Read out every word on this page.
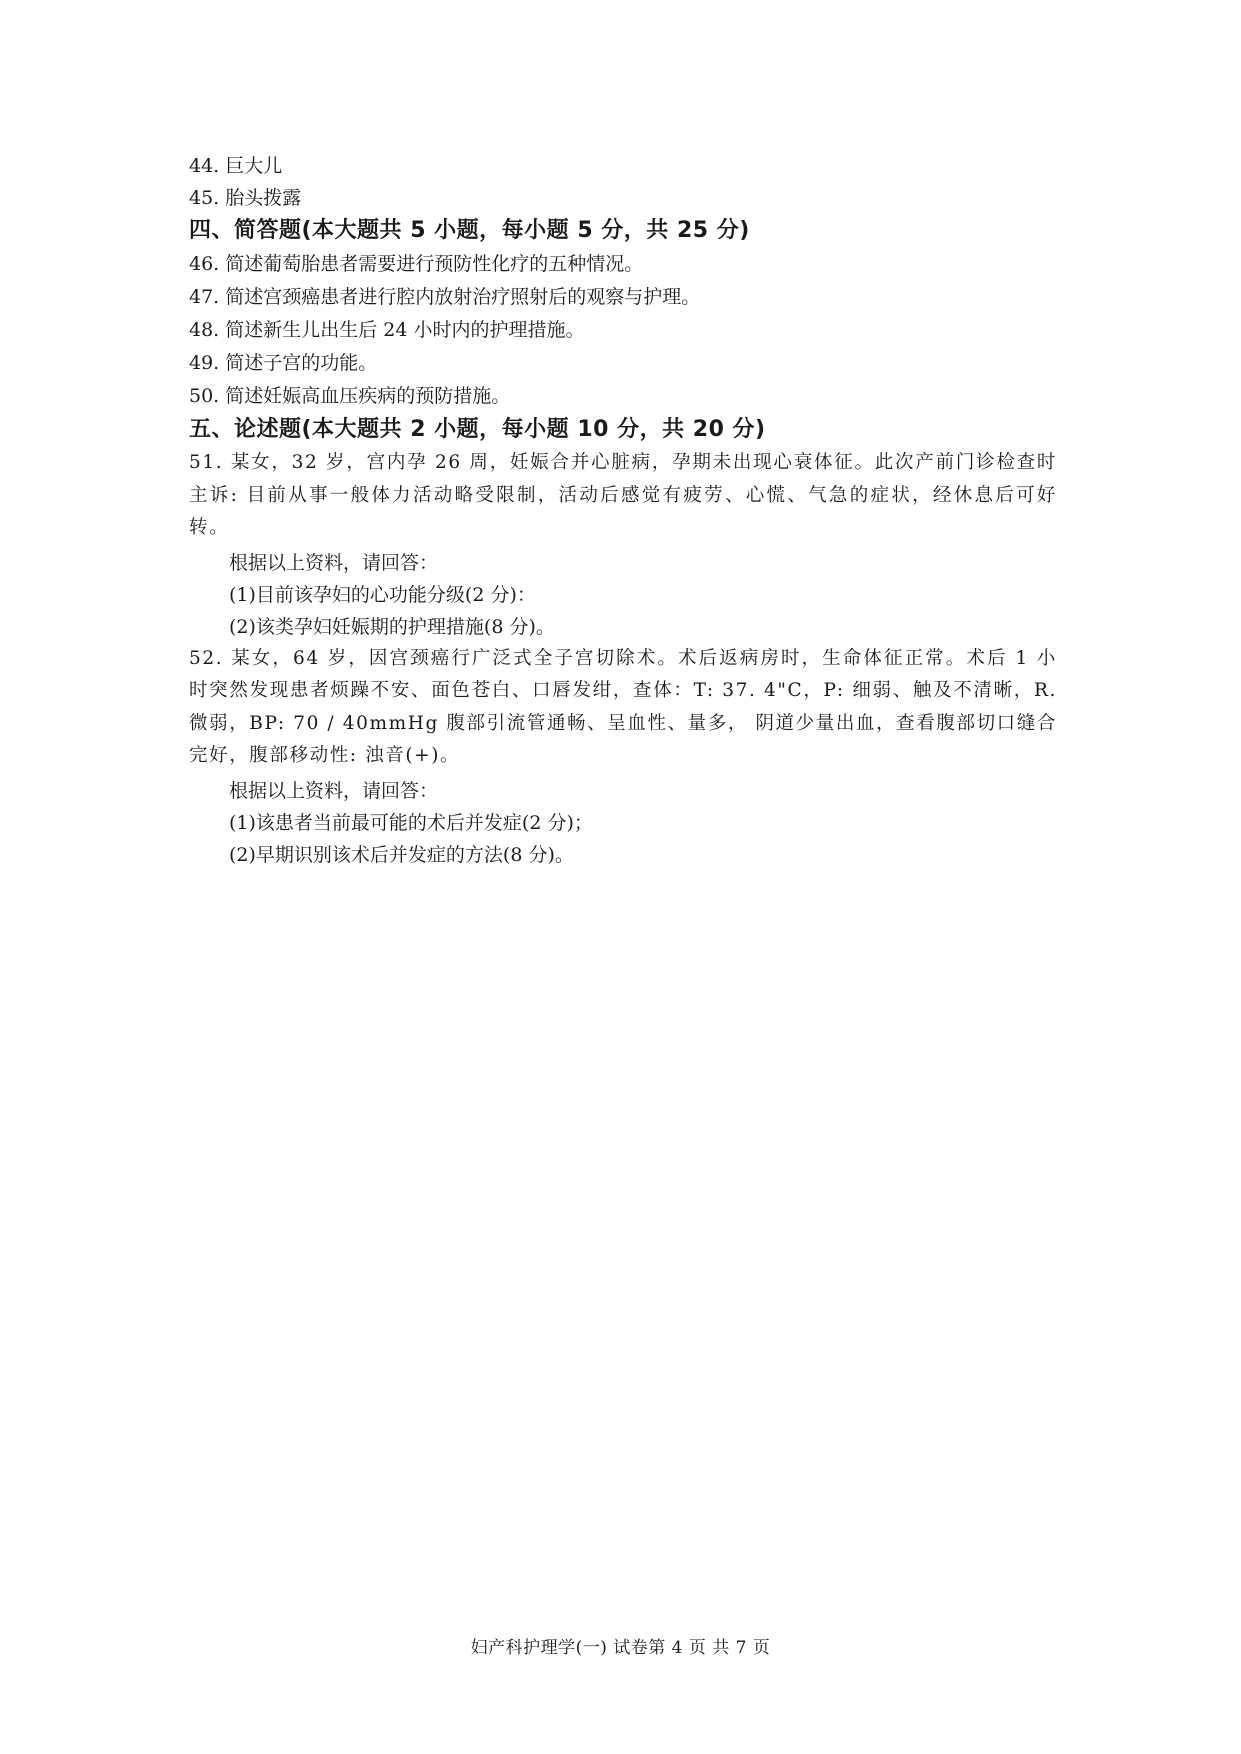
44. 巨大儿
45. 胎头拨露
四、简答题(本大题共 5 小题，每小题 5 分，共 25 分)
46. 简述葡萄胎患者需要进行预防性化疗的五种情况。
47. 简述宫颈癌患者进行腔内放射治疗照射后的观察与护理。
48. 简述新生儿出生后 24 小时内的护理措施。
49. 简述子宫的功能。
50. 简述妊娠高血压疾病的预防措施。
五、论述题(本大题共 2 小题，每小题 10 分，共 20 分)
51. 某女，32 岁，宫内孕 26 周，妊娠合并心脏病，孕期未出现心衰体征。此次产前门诊检查时主诉: 目前从事一般体力活动略受限制，活动后感觉有疲劳、心慌、气急的症状，经休息后可好转。
根据以上资料，请回答：
(1)目前该孕妇的心功能分级(2 分)：
(2)该类孕妇妊娠期的护理措施(8 分)。
52. 某女，64 岁，因宫颈癌行广泛式全子宫切除术。术后返病房时，生命体征正常。术后 1 小时突然发现患者烦躁不安、面色苍白、口唇发绀，查体：T: 37. 4"C，P: 细弱、触及不清晰，R. 微弱，BP: 70 / 40mmHg 腹部引流管通畅、呈血性、量多， 阴道少量出血，查看腹部切口缝合完好，腹部移动性: 浊音(+)。
根据以上资料，请回答：
(1)该患者当前最可能的术后并发症(2 分)；
(2)早期识别该术后并发症的方法(8 分)。
妇产科护理学(一) 试卷第 4 页 共 7 页
